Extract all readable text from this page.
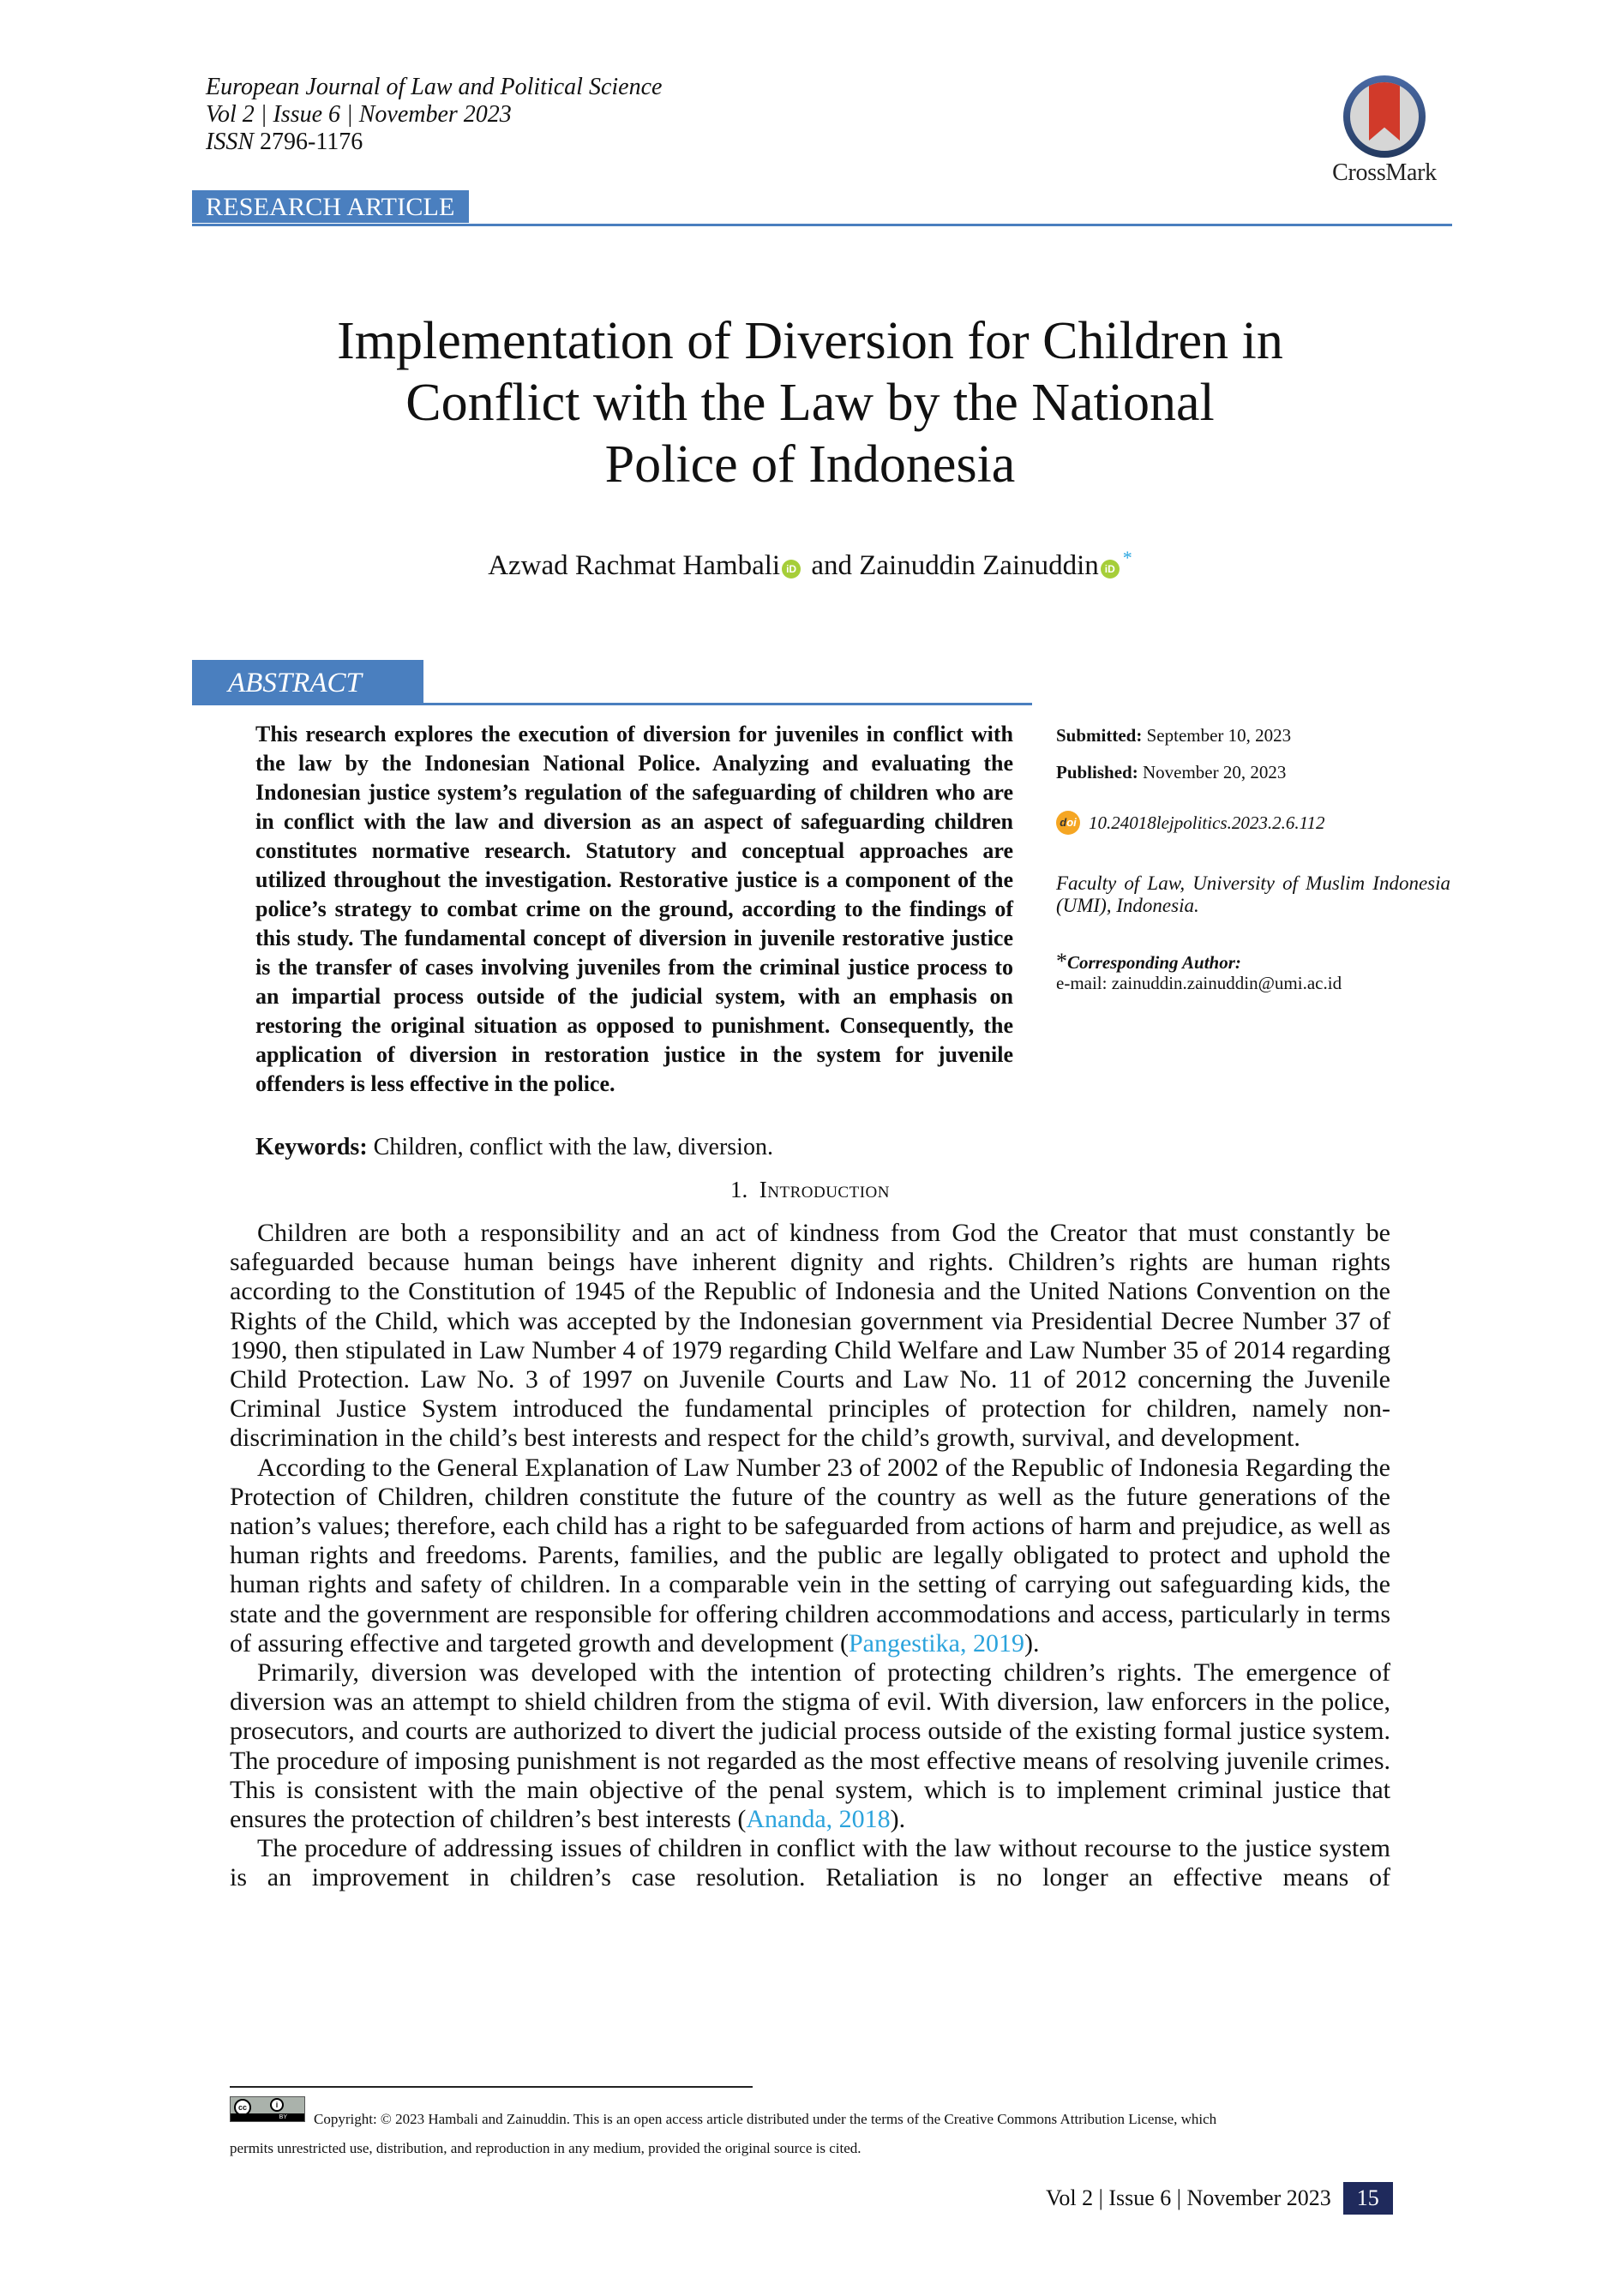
European Journal of Law and Political Science
Vol 2 | Issue 6 | November 2023
ISSN 2796-1176
CrossMark
RESEARCH ARTICLE
Implementation of Diversion for Children in
Conflict with the Law by the National
Police of Indonesia
Azwad Rachmat Hambali iD and Zainuddin Zainuddin iD*
ABSTRACT
This research explores the execution of diversion for juveniles in conflict with the law by the Indonesian National Police. Analyzing and evaluating the Indonesian justice system’s regulation of the safeguarding of children who are in conflict with the law and diversion as an aspect of safeguarding children constitutes normative research. Statutory and conceptual approaches are utilized throughout the investigation. Restorative justice is a component of the police’s strategy to combat crime on the ground, according to the findings of this study. The fundamental concept of diversion in juvenile restorative justice is the transfer of cases involving juveniles from the criminal justice process to an impartial process outside of the judicial system, with an emphasis on restoring the original situation as opposed to punishment. Consequently, the application of diversion in restoration justice in the system for juvenile offenders is less effective in the police.
Keywords: Children, conflict with the law, diversion.
Submitted: September 10, 2023
Published: November 20, 2023
doi 10.24018lejpolitics.2023.2.6.112
Faculty of Law, University of Muslim Indonesia (UMI), Indonesia.
*Corresponding Author:
e-mail: zainuddin.zainuddin@umi.ac.id
1. Introduction

Children are both a responsibility and an act of kindness from God the Creator that must constantly be safeguarded because human beings have inherent dignity and rights. Children’s rights are human rights according to the Constitution of 1945 of the Republic of Indonesia and the United Nations Convention on the Rights of the Child, which was accepted by the Indonesian government via Presidential Decree Number 37 of 1990, then stipulated in Law Number 4 of 1979 regarding Child Welfare and Law Number 35 of 2014 regarding Child Protection. Law No. 3 of 1997 on Juvenile Courts and Law No. 11 of 2012 concerning the Juvenile Criminal Justice System introduced the fundamental principles of protection for children, namely non-discrimination in the child’s best interests and respect for the child’s growth, survival, and development.

According to the General Explanation of Law Number 23 of 2002 of the Republic of Indonesia Regarding the Protection of Children, children constitute the future of the country as well as the future generations of the nation’s values; therefore, each child has a right to be safeguarded from actions of harm and prejudice, as well as human rights and freedoms. Parents, families, and the public are legally obligated to protect and uphold the human rights and safety of children. In a comparable vein in the setting of carrying out safeguarding kids, the state and the government are responsible for offering children accommodations and access, particularly in terms of assuring effective and targeted growth and development (Pangestika, 2019).

Primarily, diversion was developed with the intention of protecting children’s rights. The emergence of diversion was an attempt to shield children from the stigma of evil. With diversion, law enforcers in the police, prosecutors, and courts are authorized to divert the judicial process outside of the existing formal justice system. The procedure of imposing punishment is not regarded as the most effective means of resolving juvenile crimes. This is consistent with the main objective of the penal system, which is to implement criminal justice that ensures the protection of children’s best interests (Ananda, 2018).

The procedure of addressing issues of children in conflict with the law without recourse to the justice system is an improvement in children’s case resolution. Retaliation is no longer an effective means of

cc	i
BY	Copyright: © 2023 Hambali and Zainuddin. This is an open access article distributed under the terms of the Creative Commons Attribution License, which
permits unrestricted use, distribution, and reproduction in any medium, provided the original source is cited.
Vol 2 | Issue 6 | November 2023	15
